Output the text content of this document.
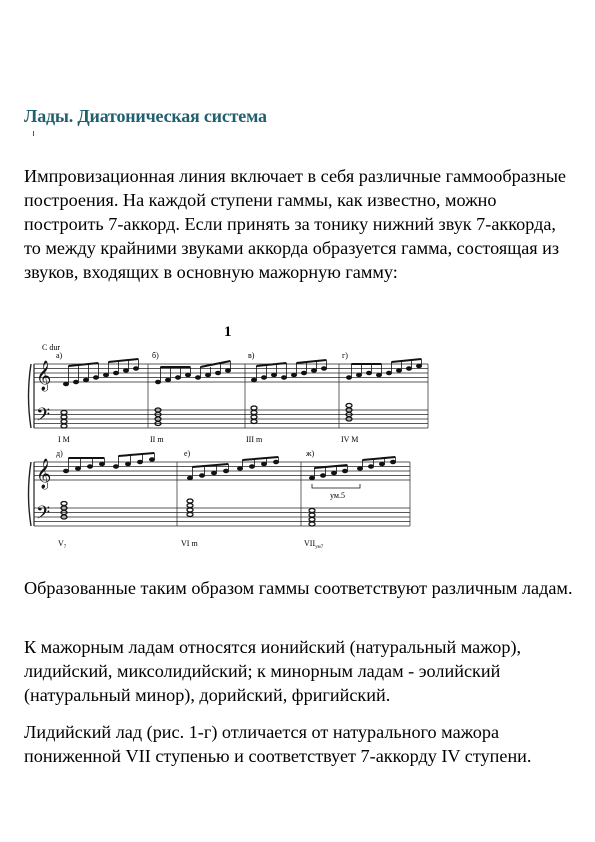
Лады. Диатоническая система

Импровизационная линия включает в себя различные гаммообразные построения. На каждой ступени гаммы, как известно, можно построить 7-аккорд. Если принять за тонику нижний звук 7-аккорда, то между крайними звуками аккорда образуется гамма, состоящая из звуков, входящих в основную мажорную гамму:

1
𝄞
𝄢
C dur
а)	б)	в)	г)
I M	II m	III m	IV M
𝄞
𝄢
д)	е)	ж)
ум.5
$V_7$	VI m	$VII_{ум7}$

Образованные таким образом гаммы соответствуют различным ладам.

К мажорным ладам относятся ионийский (натуральный мажор), лидийский, миксолидийский; к минорным ладам - эолийский (натуральный минор), дорийский, фригийский.

Лидийский лад (рис. 1-г) отличается от натурального мажора пониженной VII ступенью и соответствует 7-аккорду IV ступени.
